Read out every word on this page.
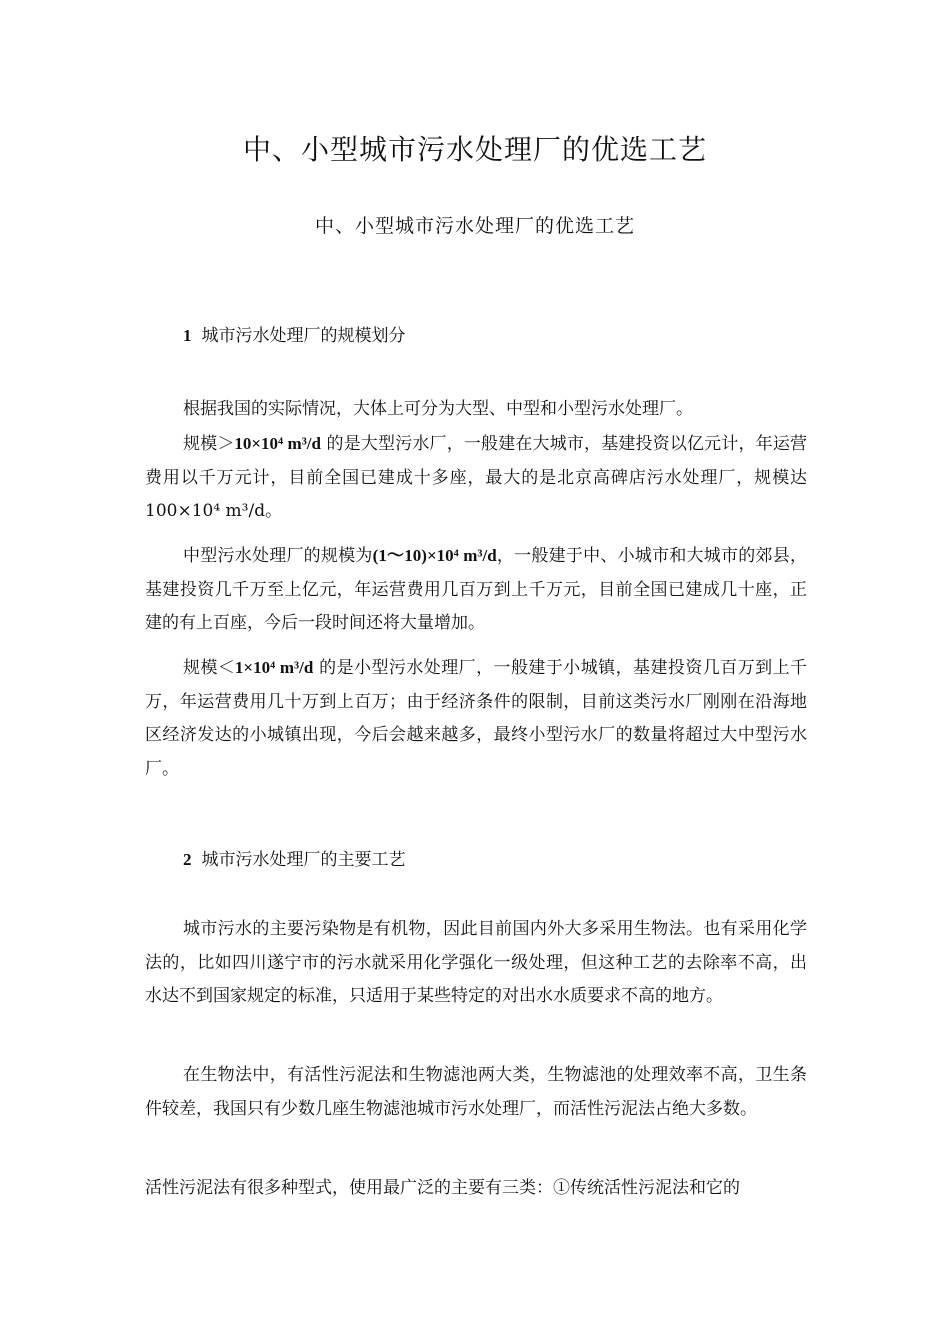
中、小型城市污水处理厂的优选工艺
中、小型城市污水处理厂的优选工艺
1 城市污水处理厂的规模划分

根据我国的实际情况，大体上可分为大型、中型和小型污水处理厂。

规模＞10×10⁴ m³/d 的是大型污水厂，一般建在大城市，基建投资以亿元计，年运营费用以千万元计，目前全国已建成十多座，最大的是北京高碑店污水处理厂，规模达 100×10⁴ m³/d。

中型污水处理厂的规模为(1～10)×10⁴ m³/d，一般建于中、小城市和大城市的郊县，基建投资几千万至上亿元，年运营费用几百万到上千万元，目前全国已建成几十座，正建的有上百座，今后一段时间还将大量增加。

规模＜1×10⁴ m³/d 的是小型污水处理厂，一般建于小城镇，基建投资几百万到上千万，年运营费用几十万到上百万；由于经济条件的限制，目前这类污水厂刚刚在沿海地区经济发达的小城镇出现，今后会越来越多，最终小型污水厂的数量将超过大中型污水厂。

2 城市污水处理厂的主要工艺

城市污水的主要污染物是有机物，因此目前国内外大多采用生物法。也有采用化学法的，比如四川遂宁市的污水就采用化学强化一级处理，但这种工艺的去除率不高，出水达不到国家规定的标准，只适用于某些特定的对出水水质要求不高的地方。

在生物法中，有活性污泥法和生物滤池两大类，生物滤池的处理效率不高，卫生条件较差，我国只有少数几座生物滤池城市污水处理厂，而活性污泥法占绝大多数。

活性污泥法有很多种型式，使用最广泛的主要有三类：①传统活性污泥法和它的
